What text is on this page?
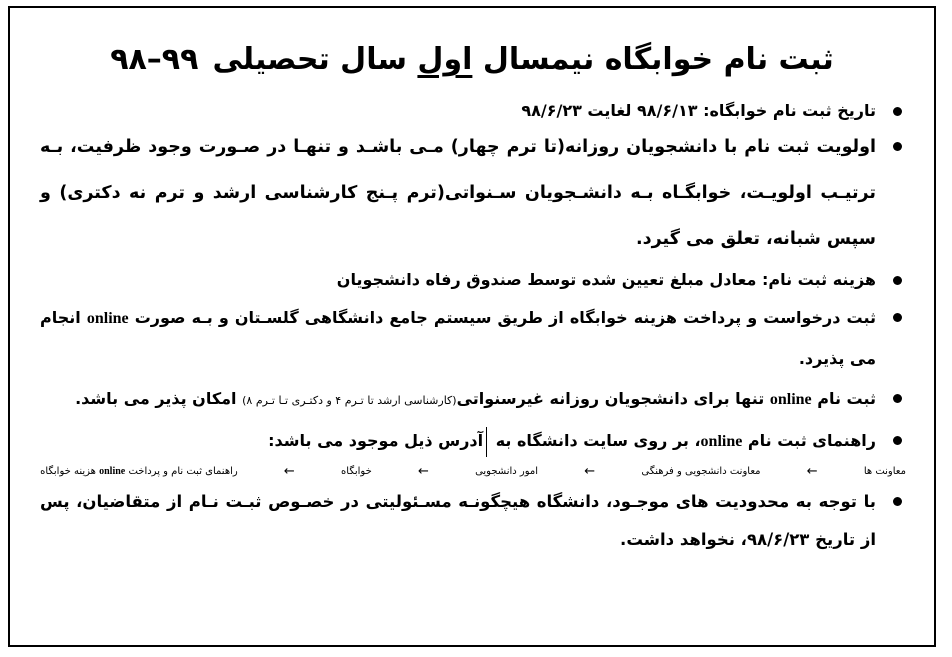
ثبت نام خوابگاه نیمسال اول سال تحصیلی۹۸–۹۹
تاریخ ثبت نام خوابگاه: ۹۸/۶/۱۳ لغایت ۹۸/۶/۲۳
اولویت ثبت نام با دانشجویان روزانه(تا ترم چهار) مـی باشـد و تنهـا در صـورت وجود ظرفیت، بـه ترتیـب اولویـت، خوابگـاه بـه دانشـجویان سـنواتی(ترم پـنج کارشناسی ارشد و ترم نه دکتری) و سپس شبانه، تعلق می گیرد.
هزینه ثبت نام: معادل مبلغ تعیین شده توسط صندوق رفاه دانشجویان
ثبت درخواست و پرداخت هزینه خوابگاه از طریق سیستم جامع دانشگاهی گلسـتان و بـه صورت online انجام می پذیرد.
ثبت نام online تنها برای دانشجویان روزانه غیرسنواتی(کارشناسی ارشد تا تـرم ۴ و دکتـری تـا تـرم ۸) امکان پذیر می باشد.
راهنمای ثبت نام online، بر روی سایت دانشگاه به آدرس ذیل موجود می باشد:
معاونت ها
←
معاونت دانشجویی و فرهنگی
←
امور دانشجویی
←
خوابگاه
←
راهنمای ثبت نام و پرداخت online هزینه خوابگاه
با توجه به محدودیت های موجـود، دانشگاه هیچگونـه مسـئولیتی در خصـوص ثبـت نـام از متقاضیان، پس از تاریخ ۹۸/۶/۲۳، نخواهد داشت.
